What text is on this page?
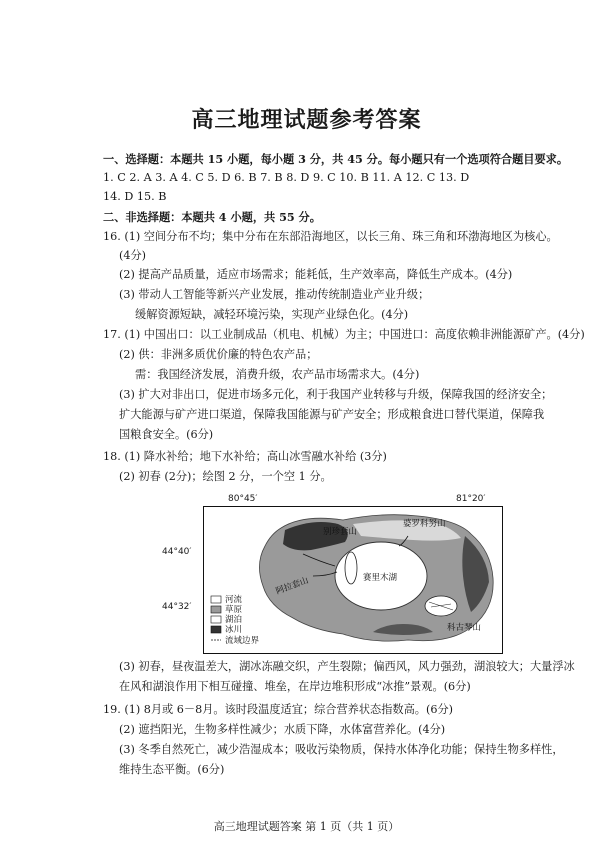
高三地理试题参考答案
一、选择题：本题共 15 小题，每小题 3 分，共 45 分。每小题只有一个选项符合题目要求。
1. C 2. A 3. A 4. C 5. D 6. B 7. B 8. D 9. C 10. B 11. A 12. C 13. D
14. D 15. B
二、非选择题：本题共 4 小题，共 55 分。
16. (1) 空间分布不均；集中分布在东部沿海地区，以长三角、珠三角和环渤海地区为核心。
(4分)
(2) 提高产品质量，适应市场需求；能耗低，生产效率高，降低生产成本。(4分)
(3) 带动人工智能等新兴产业发展，推动传统制造业产业升级；
缓解资源短缺，减轻环境污染，实现产业绿色化。(4分)
17. (1) 中国出口：以工业制成品（机电、机械）为主；中国进口：高度依赖非洲能源矿产。(4分)
(2) 供：非洲多质优价廉的特色农产品；
需：我国经济发展，消费升级，农产品市场需求大。(4分)
(3) 扩大对非出口，促进市场多元化，利于我国产业转移与升级，保障我国的经济安全；
扩大能源与矿产进口渠道，保障我国能源与矿产安全；形成粮食进口替代渠道，保障我
国粮食安全。(6分)
18. (1) 降水补给；地下水补给；高山冰雪融水补给 (3分)
(2) 初春 (2分)；绘图 2 分，一个空 1 分。
80°45′	81°20′
44°40′
44°32′
河流
草原
湖泊
冰川
流域边界
赛里木湖
婆罗科努山
科古琴山
阿拉套山
别珍套山
(3) 初春，昼夜温差大，湖冰冻融交织，产生裂隙；偏西风，风力强劲，湖浪较大；大量浮冰
在风和湖浪作用下相互碰撞、堆垒，在岸边堆积形成“冰推”景观。(6分)
19. (1) 8月或 6－8月。该时段温度适宜；综合营养状态指数高。(6分)
(2) 遮挡阳光，生物多样性减少；水质下降，水体富营养化。(4分)
(3) 冬季自然死亡，减少浩湿成本；吸收污染物质，保持水体净化功能；保持生物多样性，
维持生态平衡。(6分)
高三地理试题答案 第 1 页（共 1 页）
